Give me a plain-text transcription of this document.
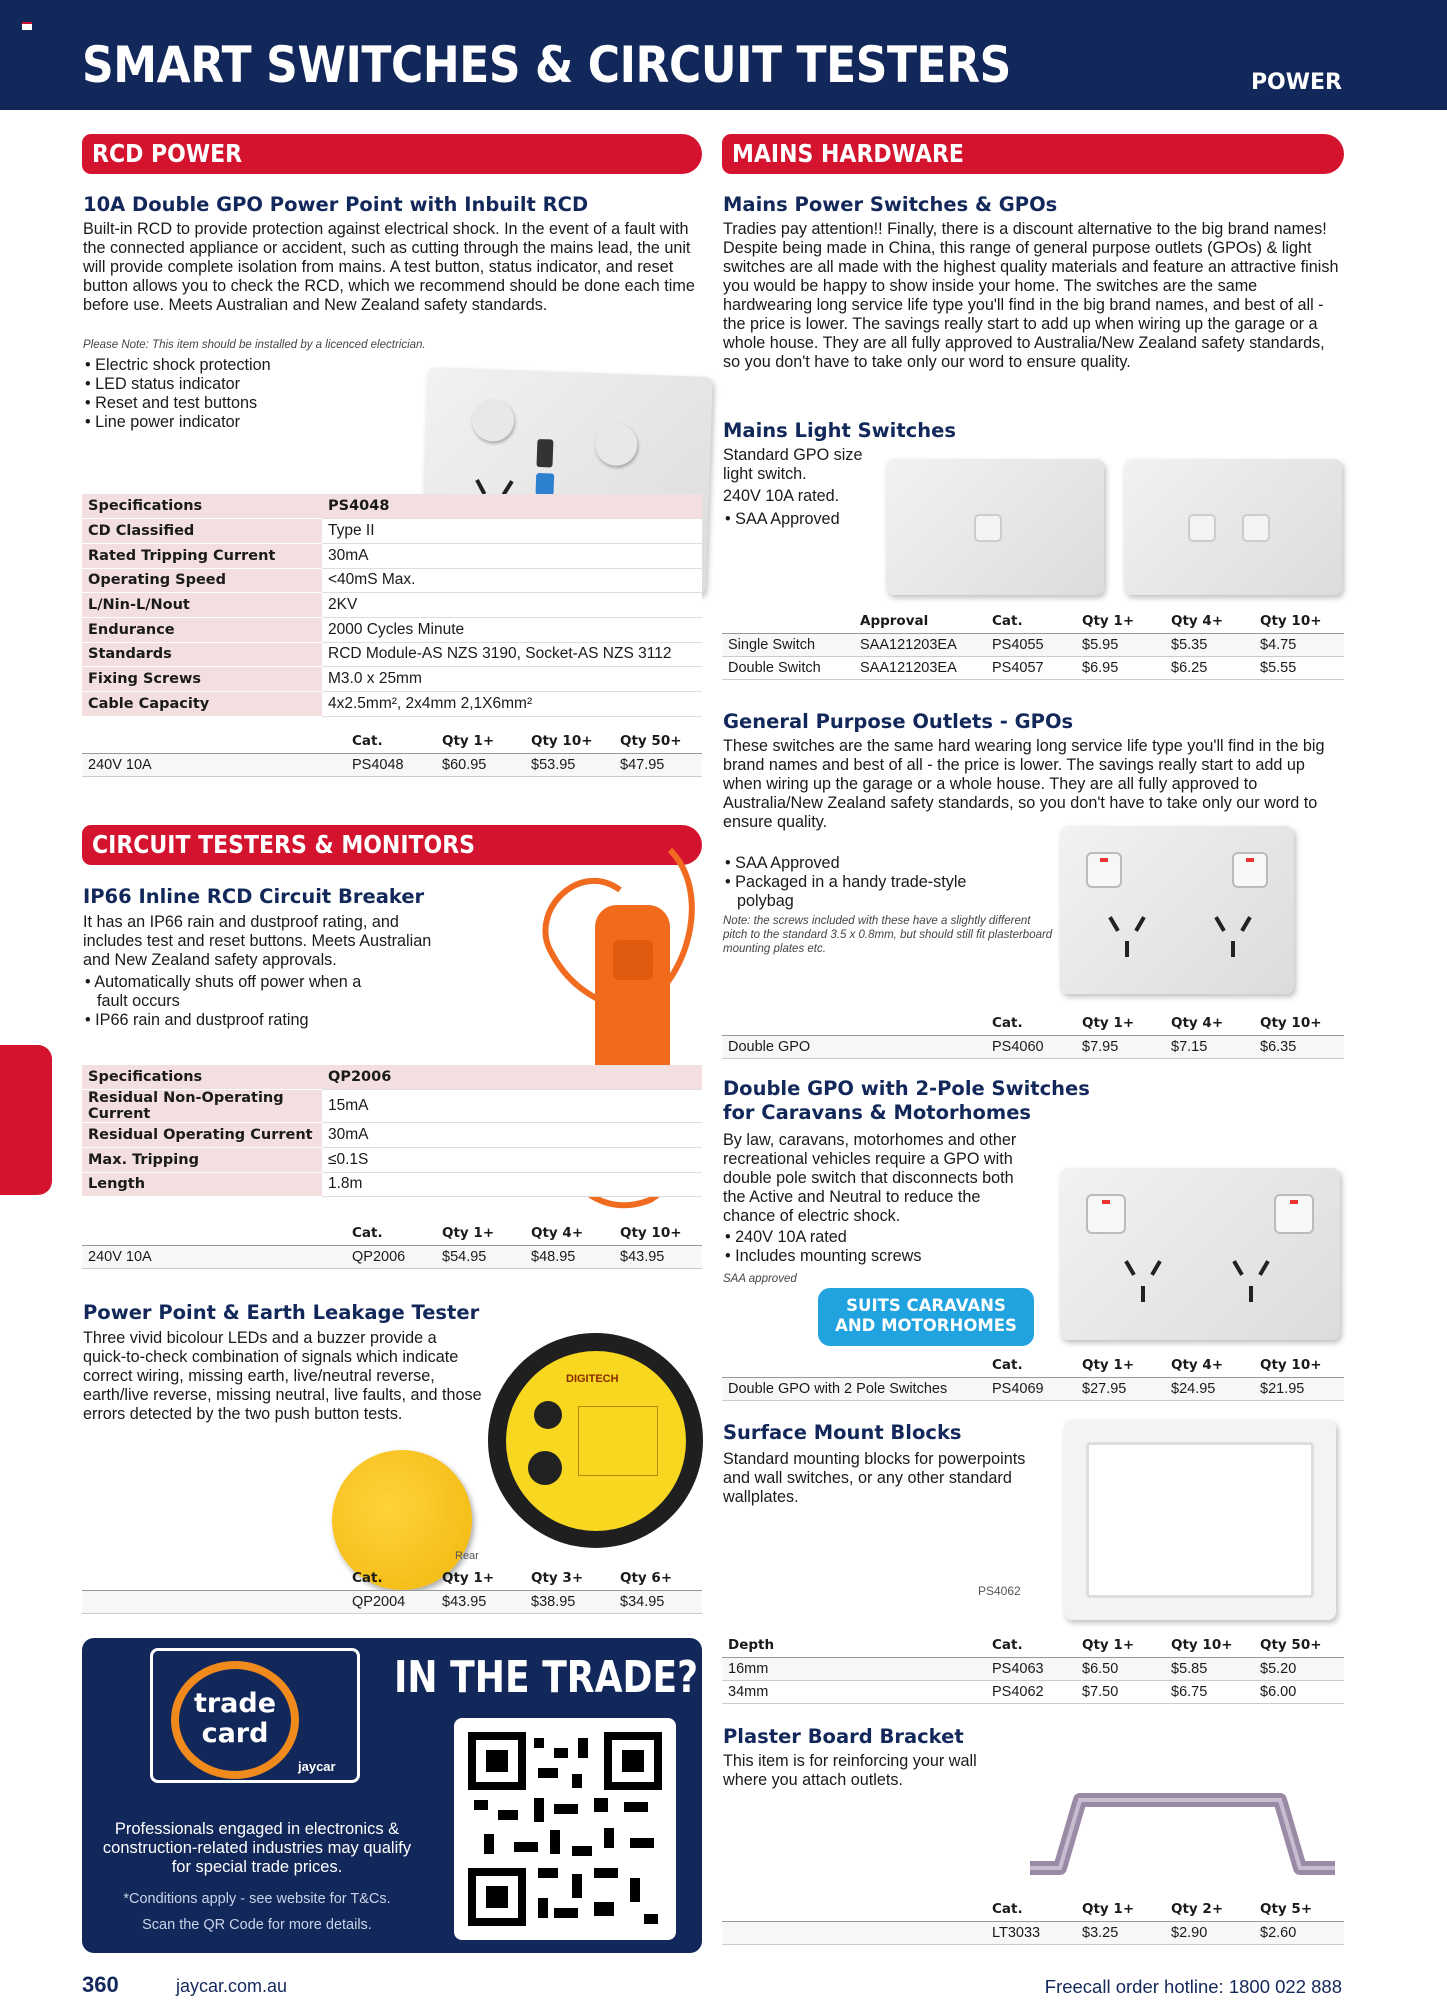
SMART SWITCHES & CIRCUIT TESTERS	POWER
RCD POWER
10A Double GPO Power Point with Inbuilt RCD
Built-in RCD to provide protection against electrical shock. In the event of a fault with the connected appliance or accident, such as cutting through the mains lead, the unit will provide complete isolation from mains. A test button, status indicator, and reset button allows you to check the RCD, which we recommend should be done each time before use. Meets Australian and New Zealand safety standards.
Please Note: This item should be installed by a licenced electrician.
• Electric shock protection
• LED status indicator
• Reset and test buttons
• Line power indicator
Specifications	PS4048
CD Classified	Type II
Rated Tripping Current	30mA
Operating Speed	<40mS Max.
L/Nin-L/Nout	2KV
Endurance	2000 Cycles Minute
Standards	RCD Module-AS NZS 3190, Socket-AS NZS 3112
Fixing Screws	M3.0 x 25mm
Cable Capacity	4x2.5mm², 2x4mm 2,1X6mm²
	Cat.	Qty 1+	Qty 10+	Qty 50+
240V 10A	PS4048	$60.95	$53.95	$47.95
CIRCUIT TESTERS & MONITORS
IP66 Inline RCD Circuit Breaker
It has an IP66 rain and dustproof rating, and includes test and reset buttons. Meets Australian and New Zealand safety approvals.
• Automatically shuts off power when a fault occurs
• IP66 rain and dustproof rating
Specifications	QP2006
Residual Non-Operating Current	15mA
Residual Operating Current	30mA
Max. Tripping	≤0.1S
Length	1.8m
	Cat.	Qty 1+	Qty 4+	Qty 10+
240V 10A	QP2006	$54.95	$48.95	$43.95
Power Point & Earth Leakage Tester
Three vivid bicolour LEDs and a buzzer provide a quick-to-check combination of signals which indicate correct wiring, missing earth, live/neutral reverse, earth/live reverse, missing neutral, live faults, and those errors detected by the two push button tests.
Rear
DIGITECH
	Cat.	Qty 1+	Qty 3+	Qty 6+
	QP2004	$43.95	$38.95	$34.95
trade
card
jaycar
IN THE TRADE?
Professionals engaged in electronics & construction-related industries may qualify for special trade prices.
*Conditions apply - see website for T&Cs.
Scan the QR Code for more details.
MAINS HARDWARE
Mains Power Switches & GPOs
Tradies pay attention!! Finally, there is a discount alternative to the big brand names! Despite being made in China, this range of general purpose outlets (GPOs) & light switches are all made with the highest quality materials and feature an attractive finish you would be happy to show inside your home. The switches are the same hardwearing long service life type you'll find in the big brand names, and best of all - the price is lower. The savings really start to add up when wiring up the garage or a whole house. They are all fully approved to Australia/New Zealand safety standards, so you don't have to take only our word to ensure quality.
Mains Light Switches
Standard GPO size light switch.
240V 10A rated.
• SAA Approved
	Approval	Cat.	Qty 1+	Qty 4+	Qty 10+
Single Switch	SAA121203EA	PS4055	$5.95	$5.35	$4.75
Double Switch	SAA121203EA	PS4057	$6.95	$6.25	$5.55
General Purpose Outlets - GPOs
These switches are the same hard wearing long service life type you'll find in the big brand names and best of all - the price is lower. The savings really start to add up when wiring up the garage or a whole house. They are all fully approved to Australia/New Zealand safety standards, so you don't have to take only our word to ensure quality.
• SAA Approved
• Packaged in a handy trade-style polybag
Note: the screws included with these have a slightly different pitch to the standard 3.5 x 0.8mm, but should still fit plasterboard mounting plates etc.
	Cat.	Qty 1+	Qty 4+	Qty 10+
Double GPO	PS4060	$7.95	$7.15	$6.35
Double GPO with 2-Pole Switches
for Caravans & Motorhomes
By law, caravans, motorhomes and other recreational vehicles require a GPO with double pole switch that disconnects both the Active and Neutral to reduce the chance of electric shock.
• 240V 10A rated
• Includes mounting screws
SAA approved
SUITS CARAVANS
AND MOTORHOMES
	Cat.	Qty 1+	Qty 4+	Qty 10+
Double GPO with 2 Pole Switches	PS4069	$27.95	$24.95	$21.95
Surface Mount Blocks
Standard mounting blocks for powerpoints and wall switches, or any other standard wallplates.
PS4062
Depth	Cat.	Qty 1+	Qty 10+	Qty 50+
16mm	PS4063	$6.50	$5.85	$5.20
34mm	PS4062	$7.50	$6.75	$6.00
Plaster Board Bracket
This item is for reinforcing your wall where you attach outlets.
	Cat.	Qty 1+	Qty 2+	Qty 5+
	LT3033	$3.25	$2.90	$2.60
360	jaycar.com.au	Freecall order hotline: 1800 022 888
